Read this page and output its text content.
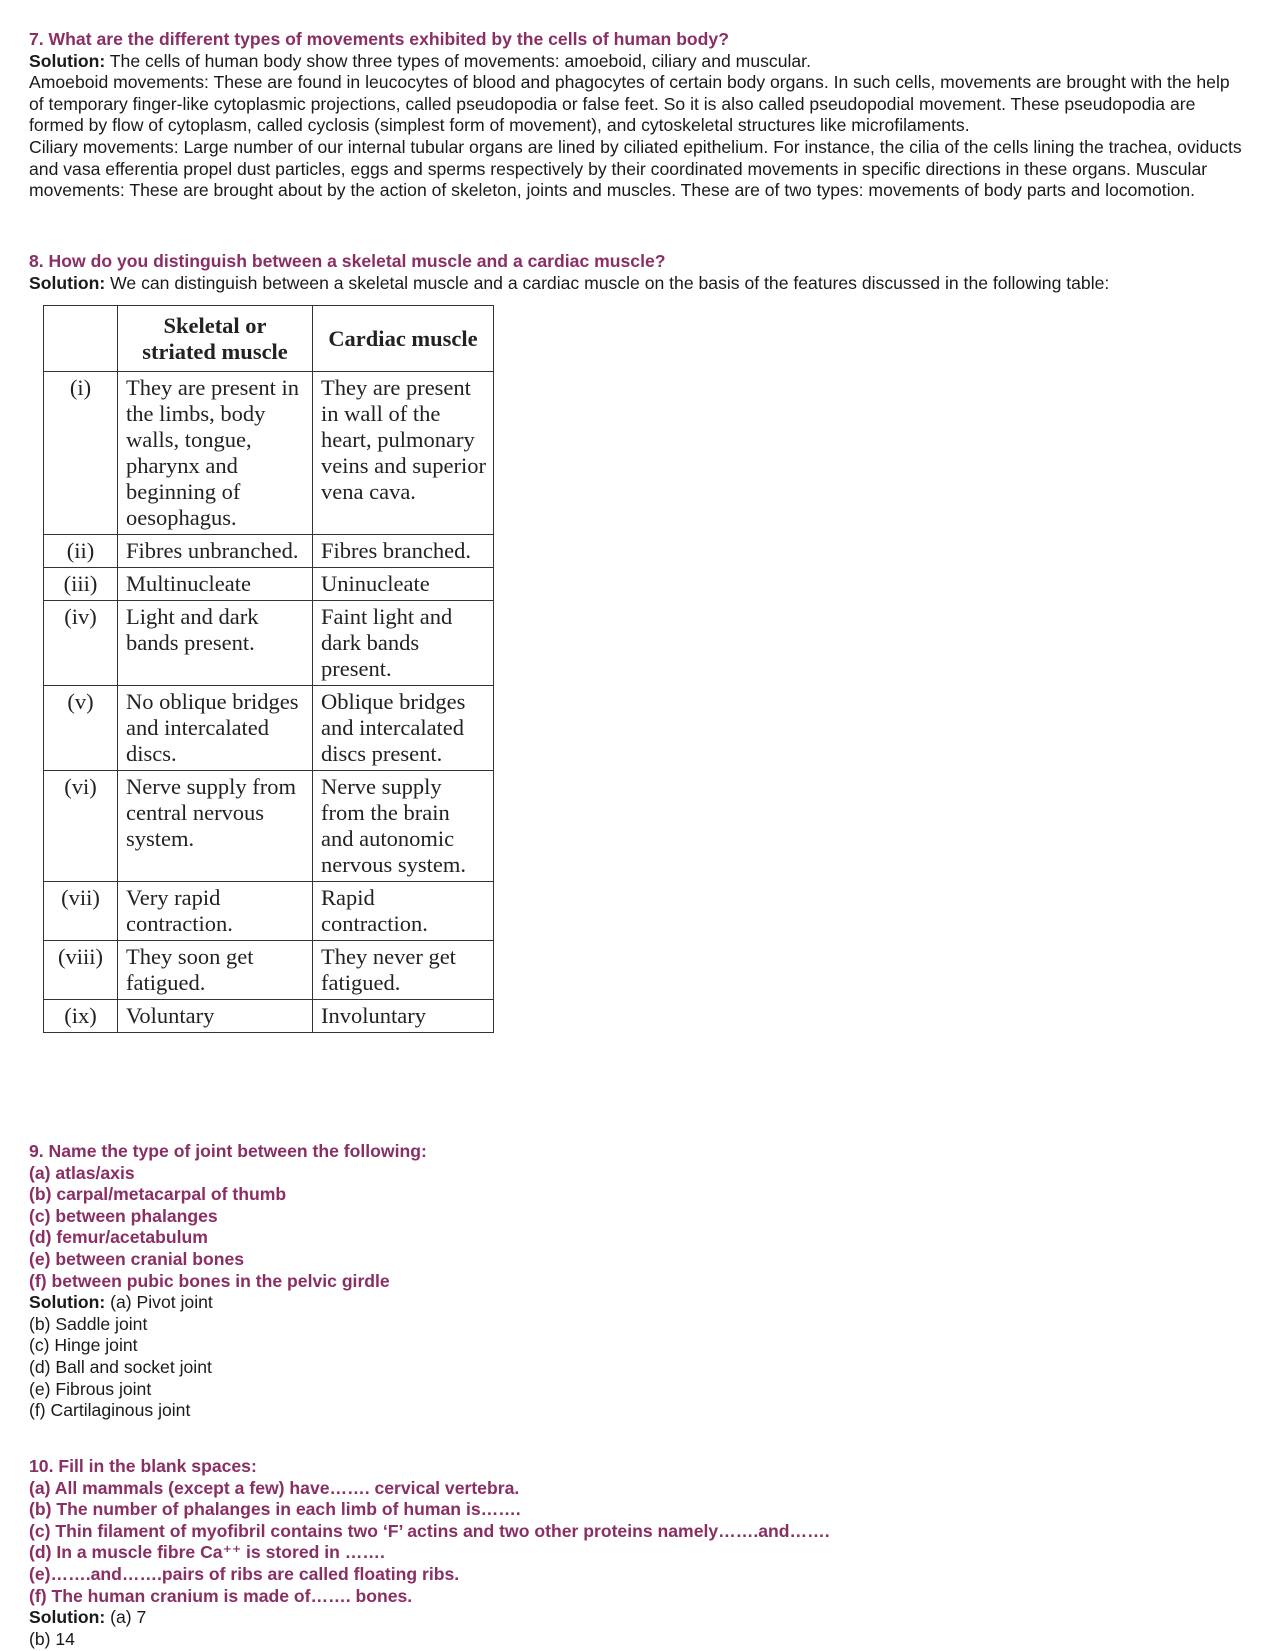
7. What are the different types of movements exhibited by the cells of human body?

Solution: The cells of human body show three types of movements: amoeboid, ciliary and muscular.

Amoeboid movements: These are found in leucocytes of blood and phagocytes of certain body organs. In such cells, movements are brought with the help of temporary finger-like cytoplasmic projections, called pseudopodia or false feet. So it is also called pseudopodial movement. These pseudopodia are formed by flow of cytoplasm, called cyclosis (simplest form of movement), and cytoskeletal structures like microfilaments.

Ciliary movements: Large number of our internal tubular organs are lined by ciliated epithelium. For instance, the cilia of the cells lining the trachea, oviducts and vasa efferentia propel dust particles, eggs and sperms respectively by their coordinated movements in specific directions in these organs. Muscular movements: These are brought about by the action of skeleton, joints and muscles. These are of two types: movements of body parts and locomotion.

8. How do you distinguish between a skeletal muscle and a cardiac muscle?

Solution: We can distinguish between a skeletal muscle and a cardiac muscle on the basis of the features discussed in the following table:

	Skeletal or striated muscle	Cardiac muscle
(i)	They are present in the limbs, body walls, tongue, pharynx and beginning of oesophagus.	They are present in wall of the heart, pulmonary veins and superior vena cava.
(ii)	Fibres unbranched.	Fibres branched.
(iii)	Multinucleate	Uninucleate
(iv)	Light and dark bands present.	Faint light and dark bands present.
(v)	No oblique bridges and intercalated discs.	Oblique bridges and intercalated discs present.
(vi)	Nerve supply from central nervous system.	Nerve supply from the brain and autonomic nervous system.
(vii)	Very rapid contraction.	Rapid contraction.
(viii)	They soon get fatigued.	They never get fatigued.
(ix)	Voluntary	Involuntary

9. Name the type of joint between the following:

(a) atlas/axis

(b) carpal/metacarpal of thumb

(c) between phalanges

(d) femur/acetabulum

(e) between cranial bones

(f) between pubic bones in the pelvic girdle

Solution: (a) Pivot joint

(b) Saddle joint

(c) Hinge joint

(d) Ball and socket joint

(e) Fibrous joint

(f) Cartilaginous joint

10. Fill in the blank spaces:

(a) All mammals (except a few) have……. cervical vertebra.

(b) The number of phalanges in each limb of human is…….

(c) Thin filament of myofibril contains two ‘F’ actins and two other proteins namely…….and…….

(d) In a muscle fibre Ca⁺⁺ is stored in …….

(e)…….and…….pairs of ribs are called floating ribs.

(f) The human cranium is made of……. bones.

Solution: (a) 7

(b) 14
